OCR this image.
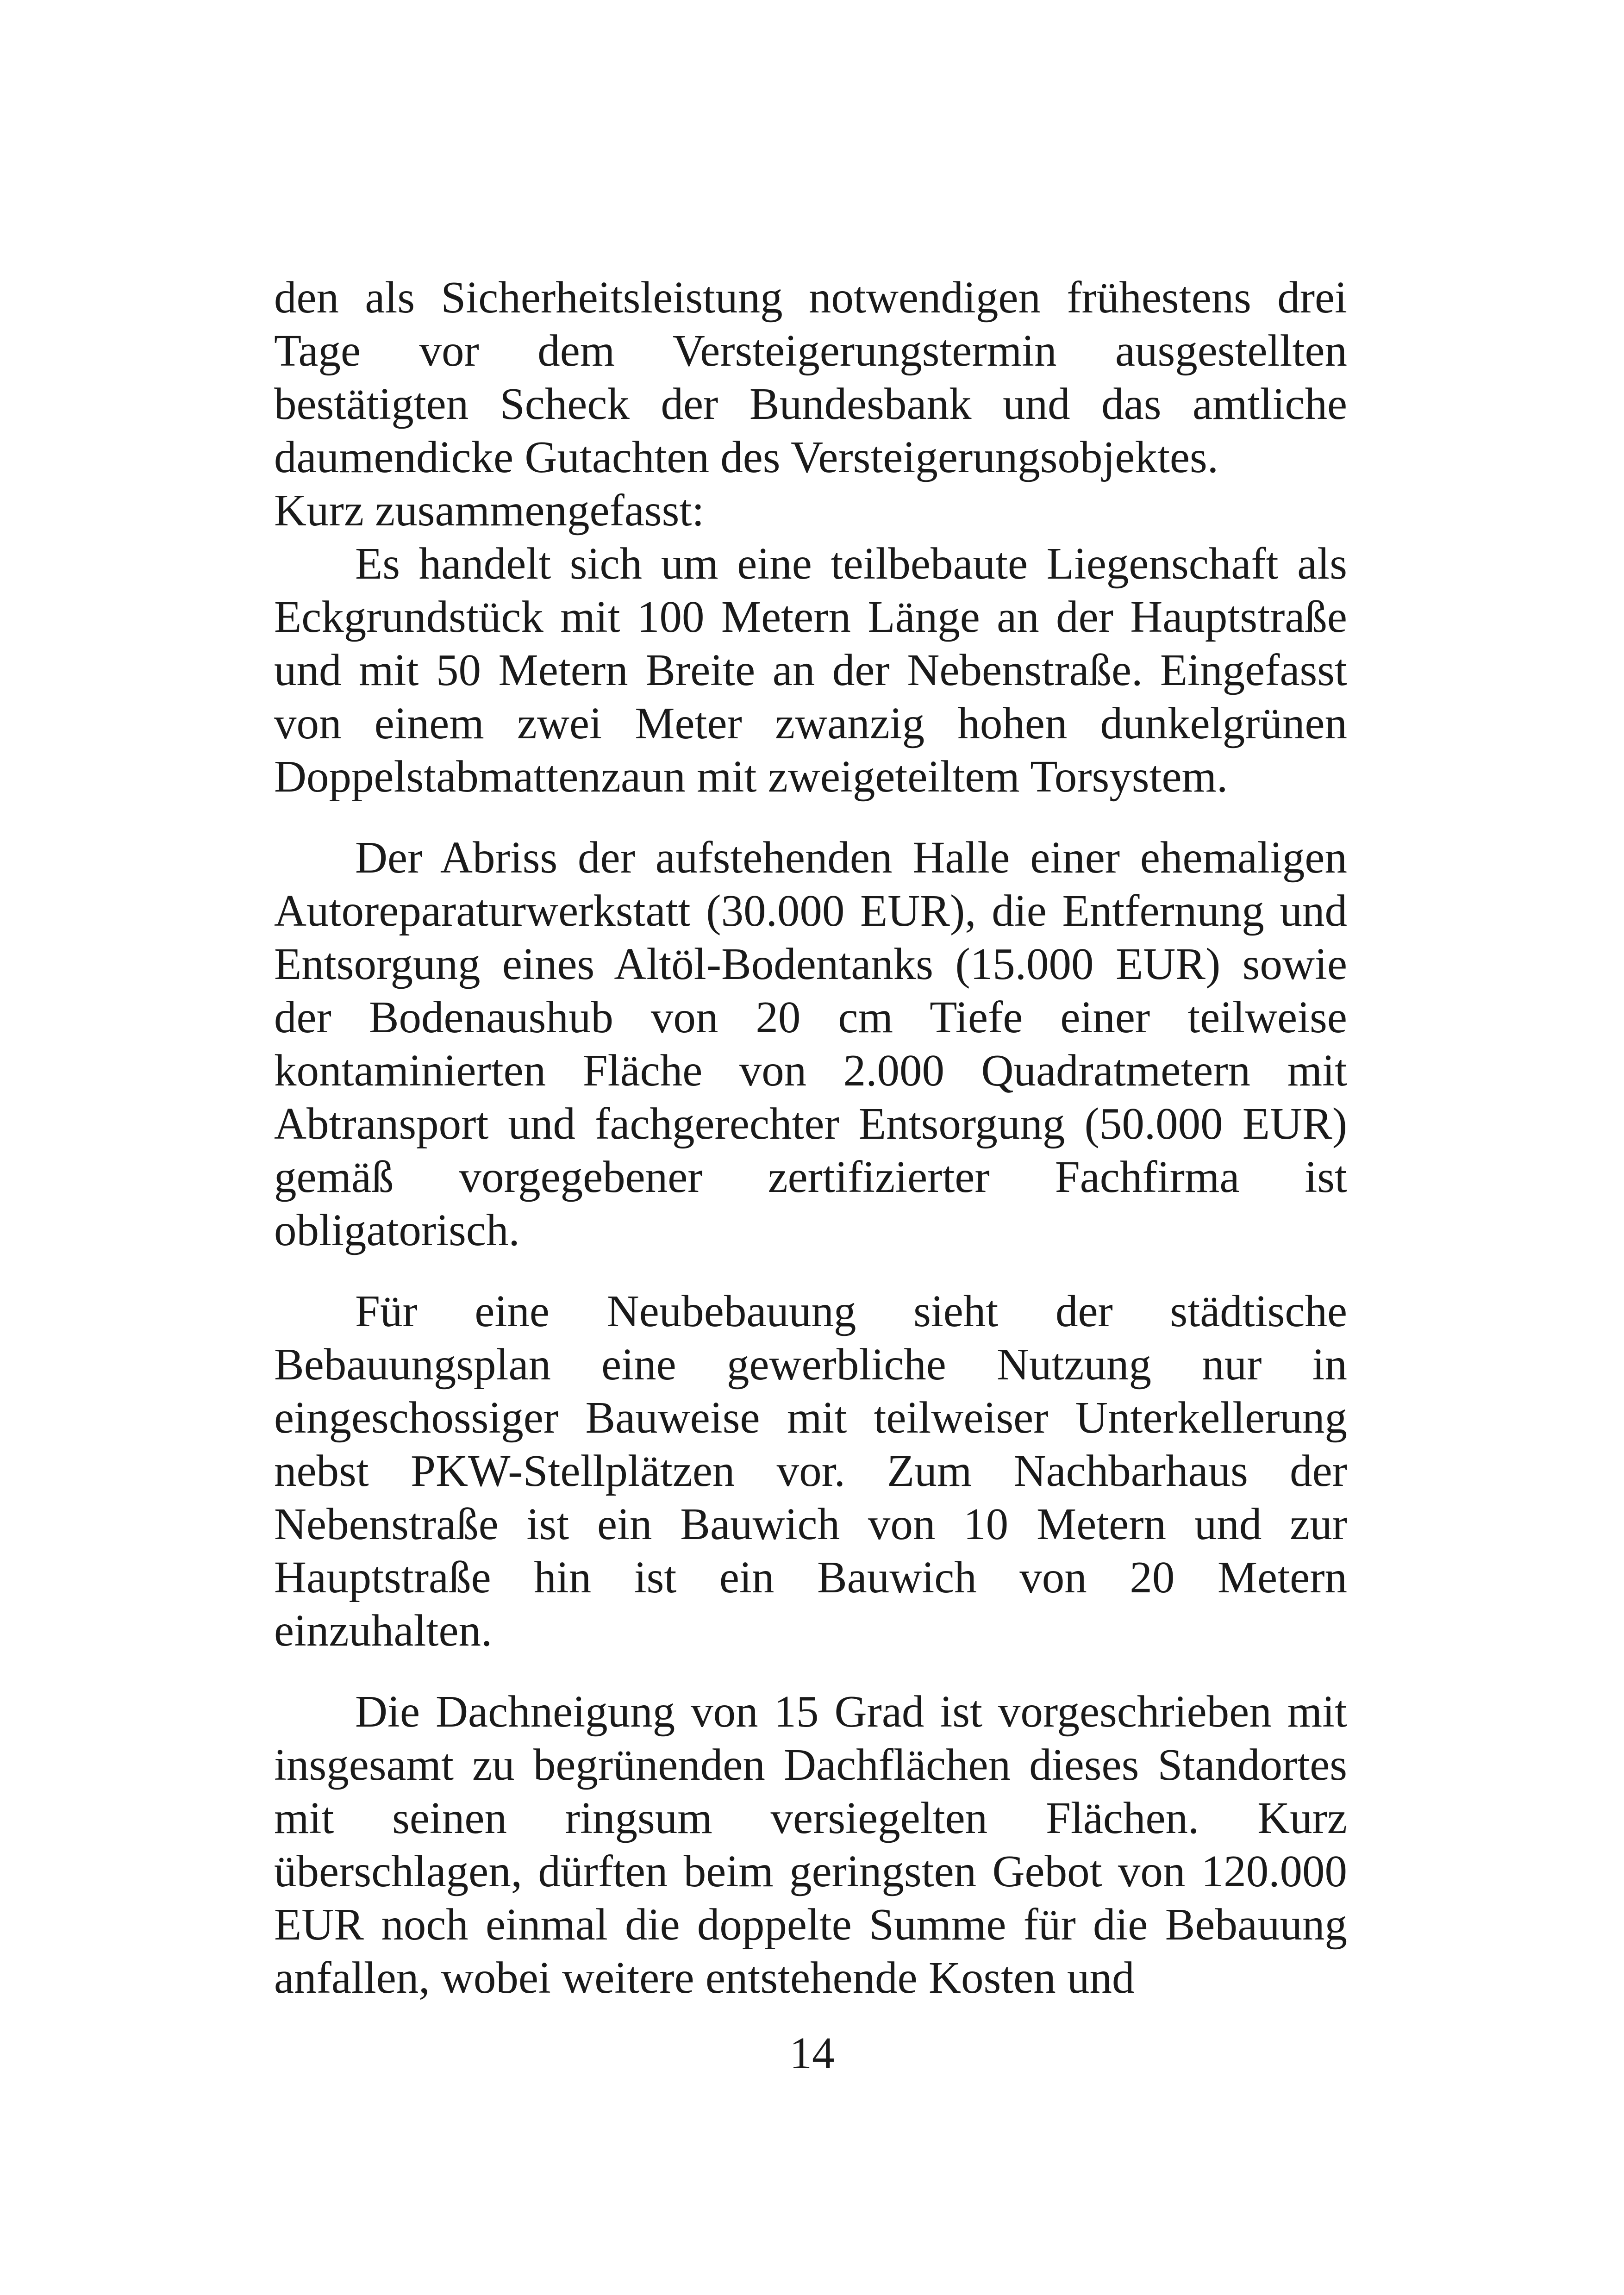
den als Sicherheitsleistung notwendigen frühestens drei
Tage vor dem Versteigerungstermin ausgestellten
bestätigten Scheck der Bundesbank und das amtliche
daumendicke Gutachten des Versteigerungsobjektes.
Kurz zusammengefasst:
Es handelt sich um eine teilbebaute Liegenschaft als
Eckgrundstück mit 100 Metern Länge an der Hauptstraße
und mit 50 Metern Breite an der Nebenstraße. Eingefasst
von einem zwei Meter zwanzig hohen dunkelgrünen
Doppelstabmattenzaun mit zweigeteiltem Torsystem.
Der Abriss der aufstehenden Halle einer ehemaligen
Autoreparaturwerkstatt (30.000 EUR), die Entfernung und
Entsorgung eines Altöl-Bodentanks (15.000 EUR) sowie
der Bodenaushub von 20 cm Tiefe einer teilweise
kontaminierten Fläche von 2.000 Quadratmetern mit
Abtransport und fachgerechter Entsorgung (50.000 EUR)
gemäß vorgegebener zertifizierter Fachfirma ist
obligatorisch.
Für eine Neubebauung sieht der städtische
Bebauungsplan eine gewerbliche Nutzung nur in
eingeschossiger Bauweise mit teilweiser Unterkellerung
nebst PKW-Stellplätzen vor. Zum Nachbarhaus der
Nebenstraße ist ein Bauwich von 10 Metern und zur
Hauptstraße hin ist ein Bauwich von 20 Metern
einzuhalten.
Die Dachneigung von 15 Grad ist vorgeschrieben mit
insgesamt zu begrünenden Dachflächen dieses Standortes
mit seinen ringsum versiegelten Flächen. Kurz
überschlagen, dürften beim geringsten Gebot von 120.000
EUR noch einmal die doppelte Summe für die Bebauung
anfallen, wobei weitere entstehende Kosten und
14
